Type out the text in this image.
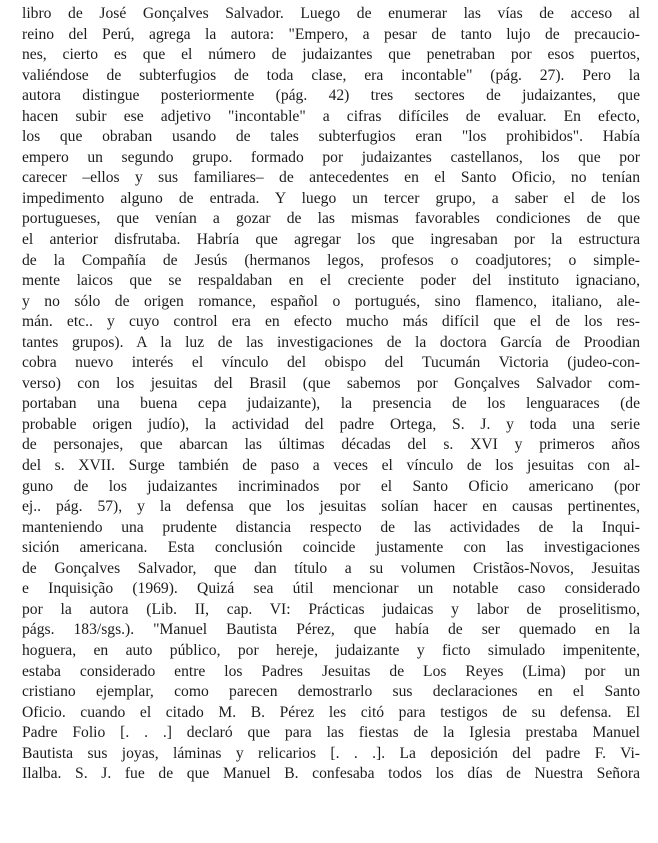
libro de José Gonçalves Salvador. Luego de enumerar las vías de acceso al
reino del Perú, agrega la autora: "Empero, a pesar de tanto lujo de precaucio-
nes, cierto es que el número de judaizantes que penetraban por esos puertos,
valiéndose de subterfugios de toda clase, era incontable" (pág. 27). Pero la
autora distingue posteriormente (pág. 42) tres sectores de judaizantes, que
hacen subir ese adjetivo "incontable" a cifras difíciles de evaluar. En efecto,
los que obraban usando de tales subterfugios eran "los prohibidos". Había
empero un segundo grupo. formado por judaizantes castellanos, los que por
carecer –ellos y sus familiares– de antecedentes en el Santo Oficio, no tenían
impedimento alguno de entrada. Y luego un tercer grupo, a saber el de los
portugueses, que venían a gozar de las mismas favorables condiciones de que
el anterior disfrutaba. Habría que agregar los que ingresaban por la estructura
de la Compañía de Jesús (hermanos legos, profesos o coadjutores; o simple-
mente laicos que se respaldaban en el creciente poder del instituto ignaciano,
y no sólo de origen romance, español o portugués, sino flamenco, italiano, ale-
mán. etc.. y cuyo control era en efecto mucho más difícil que el de los res-
tantes grupos). A la luz de las investigaciones de la doctora García de Proodian
cobra nuevo interés el vínculo del obispo del Tucumán Victoria (judeo-con-
verso) con los jesuitas del Brasil (que sabemos por Gonçalves Salvador com-
portaban una buena cepa judaizante), la presencia de los lenguaraces (de
probable origen judío), la actividad del padre Ortega, S. J. y toda una serie
de personajes, que abarcan las últimas décadas del s. XVI y primeros años
del s. XVII. Surge también de paso a veces el vínculo de los jesuitas con al-
guno de los judaizantes incriminados por el Santo Oficio americano (por
ej.. pág. 57), y la defensa que los jesuitas solían hacer en causas pertinentes,
manteniendo una prudente distancia respecto de las actividades de la Inqui-
sición americana. Esta conclusión coincide justamente con las investigaciones
de Gonçalves Salvador, que dan título a su volumen Cristãos-Novos, Jesuitas
e Inquisição (1969). Quizá sea útil mencionar un notable caso considerado
por la autora (Lib. II, cap. VI: Prácticas judaicas y labor de proselitismo,
págs. 183/sgs.). "Manuel Bautista Pérez, que había de ser quemado en la
hoguera, en auto público, por hereje, judaizante y ficto simulado impenitente,
estaba considerado entre los Padres Jesuitas de Los Reyes (Lima) por un
cristiano ejemplar, como parecen demostrarlo sus declaraciones en el Santo
Oficio. cuando el citado M. B. Pérez les citó para testigos de su defensa. El
Padre Folio [. . .] declaró que para las fiestas de la Iglesia prestaba Manuel
Bautista sus joyas, láminas y relicarios [. . .]. La deposición del padre F. Vi-
Ilalba. S. J. fue de que Manuel B. confesaba todos los días de Nuestra Señora
